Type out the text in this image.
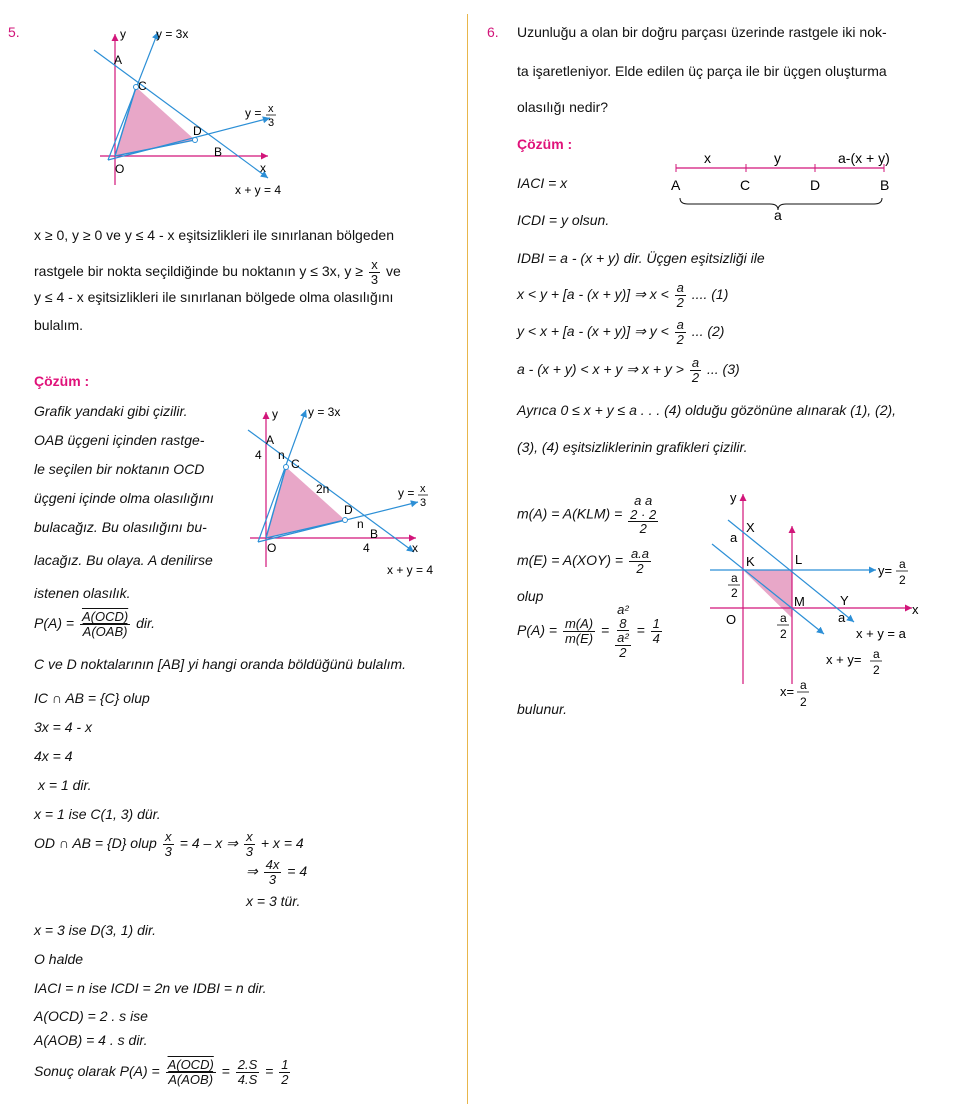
5.	y	y = 3x
A
C
y = x
3
D
B
O	x
x + y = 4
x ≥ 0, y ≥ 0 ve y ≤ 4 - x eşitsizlikleri ile sınırlanan bölgeden
rastgele bir nokta seçildiğinde bu noktanın y ≤ 3x, $y \ge \frac{x}{3}$ ve
y ≤ 4 - x eşitsizlikleri ile sınırlanan bölgede olma olasılığını
bulalım.
Çözüm :
Grafik yandaki gibi çizilir.
OAB üçgeni içinden rastge-
le seçilen bir noktanın OCD
üçgeni içinde olma olasılığını
bulacağız. Bu olasılığını bu-
lacağız. Bu olaya. A denilirse
istenen olasılık.
y	y = 3x
A
4 n
C
2n
D
y = x
3
n
B
4
O	x
x + y = 4
$P(A) = \frac{\text{A(OCD)}}{\text{A(OAB)}}$ dir.
C ve D noktalarının [AB] yi hangi oranda böldüğünü bulalım.
IC ∩ AB = {C} olup
3x = 4 - x
4x = 4
x = 1 dir.
x = 1 ise C(1, 3) dür.
OD ∩ AB = {D} olup $\frac{x}{3} = 4 - x$ ⇒ $\frac{x}{3} + x = 4$
⇒ $\frac{4x}{3} = 4$
x = 3 tür.
x = 3 ise D(3, 1) dir.
O halde
IACI = n ise ICDI = 2n ve IDBI = n dir.
A(OCD) = 2 . s ise
A(AOB) = 4 . s dir.
Sonuç olarak $P(A) = \frac{\text{A(OCD)}}{\text{A(AOB)}} = \frac{2.S}{4.S} = \frac{1}{2}$
6. Uzunluğu a olan bir doğru parçası üzerinde rastgele iki nok-
ta işaretleniyor. Elde edilen üç parça ile bir üçgen oluşturma
olasılığı nedir?
Çözüm :
x	y	a-(x + y)
A	C	D	B
a
IACI = x
ICDI = y olsun.
IDBI = a - (x + y) dir. Üçgen eşitsizliği ile
x < y + [a - (x + y)] ⇒ $x < \frac{a}{2}$ .... (1)
y < x + [a - (x + y)] ⇒ $y < \frac{a}{2}$ ... (2)
a - (x + y) < x + y ⇒ $x + y > \frac{a}{2}$ ... (3)
Ayrıca 0 ≤ x + y ≤ a . . . (4) olduğu gözönüne alınarak (1), (2),
(3), (4) eşitsizliklerinin grafikleri çizilir.
m(A) = A(KLM) =
a a
2 · 2
2
$m(E) = A(XOY) = \frac{a.a}{2}$
olup
$P(A) = \frac{m(A)}{m(E)}$ =
a²
8
a²
2
= $\frac{1}{4}$
bulunur.
y
X
a
K	L
a
2
y= a
2
M	Y
O	a
2
a
x
x + y = a
x + y= a
2
x= a
2
